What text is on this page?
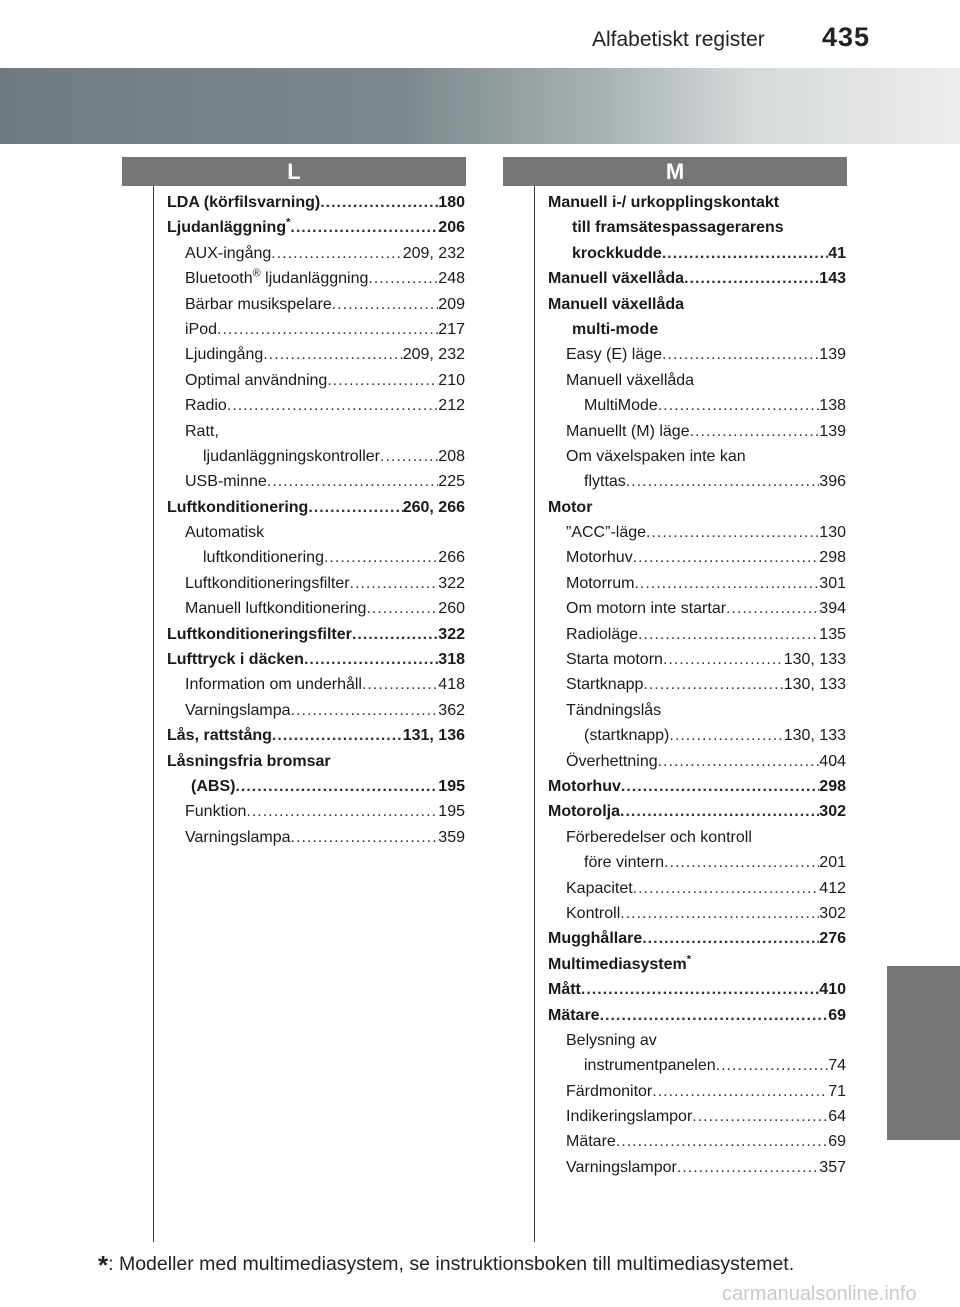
Alfabetiskt register 435
L	M
LDA (körfilsvarning) .....	180
Ljudanläggning* .....	206
AUX-ingång .....	209, 232
Bluetooth® ljudanläggning .....	248
Bärbar musikspelare .....	209
iPod .....	217
Ljudingång .....	209, 232
Optimal användning .....	210
Radio .....	212
Ratt,
ljudanläggningskontroller .....	208
USB-minne .....	225
Luftkonditionering .....	260, 266
Automatisk
luftkonditionering .....	266
Luftkonditioneringsfilter .....	322
Manuell luftkonditionering .....	260
Luftkonditioneringsfilter .....	322
Lufttryck i däcken .....	318
Information om underhåll .....	418
Varningslampa .....	362
Lås, rattstång .....	131, 136
Låsningsfria bromsar
(ABS) .....	195
Funktion .....	195
Varningslampa .....	359
Manuell i-/ urkopplingskontakt
till framsätespassagerarens
krockkudde .....	41
Manuell växellåda .....	143
Manuell växellåda
multi-mode
Easy (E) läge .....	139
Manuell växellåda
MultiMode .....	138
Manuellt (M) läge .....	139
Om växelspaken inte kan
flyttas .....	396
Motor
”ACC”-läge .....	130
Motorhuv .....	298
Motorrum .....	301
Om motorn inte startar .....	394
Radioläge .....	135
Starta motorn .....	130, 133
Startknapp .....	130, 133
Tändningslås
(startknapp) .....	130, 133
Överhettning .....	404
Motorhuv .....	298
Motorolja .....	302
Förberedelser och kontroll
före vintern .....	201
Kapacitet .....	412
Kontroll .....	302
Mugghållare .....	276
Multimediasystem*
Mått .....	410
Mätare .....	69
Belysning av
instrumentpanelen .....	74
Färdmonitor .....	71
Indikeringslampor .....	64
Mätare .....	69
Varningslampor .....	357
*: Modeller med multimediasystem, se instruktionsboken till multimediasystemet.
carmanualsonline.info
